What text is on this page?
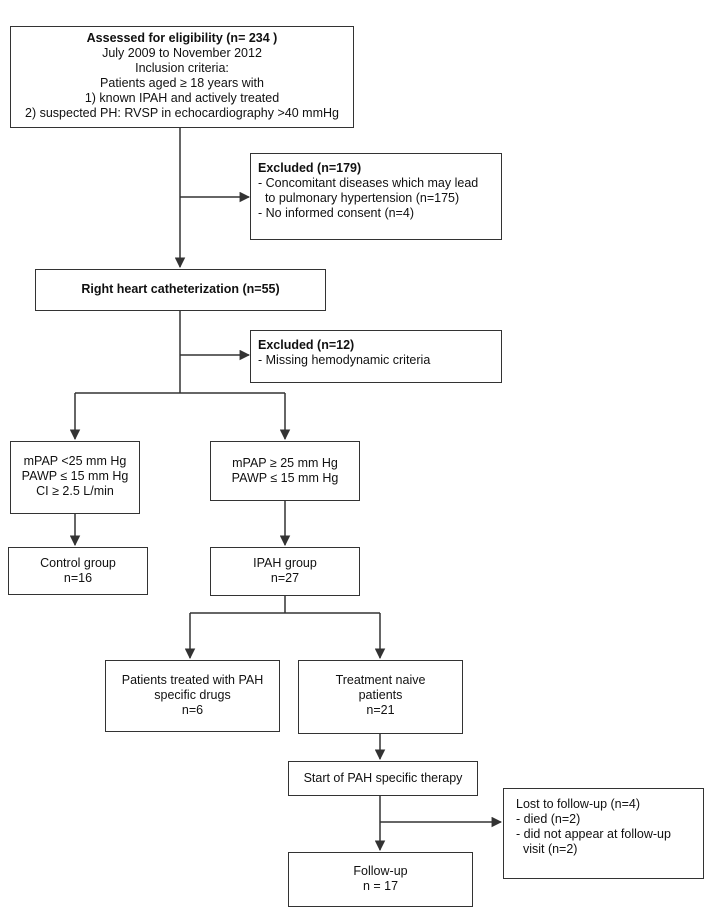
Assessed for eligibility (n= 234 )
July 2009 to November 2012
Inclusion criteria:
Patients aged ≥ 18 years with
1) known IPAH and actively treated
2) suspected PH: RVSP in echocardiography >40 mmHg
Excluded (n=179)
- Concomitant diseases which may lead
to pulmonary hypertension (n=175)
- No informed consent (n=4)
Right heart catheterization (n=55)
Excluded (n=12)
- Missing hemodynamic criteria
mPAP <25 mm Hg
PAWP ≤ 15 mm Hg
CI ≥ 2.5 L/min
mPAP ≥ 25 mm Hg
PAWP ≤ 15 mm Hg
Control group
n=16
IPAH group
n=27
Patients treated with PAH
specific drugs
n=6
Treatment naive
patients
n=21
Start of PAH specific therapy
Lost to follow-up (n=4)
- died (n=2)
- did not appear at follow-up
visit (n=2)
Follow-up
n = 17
